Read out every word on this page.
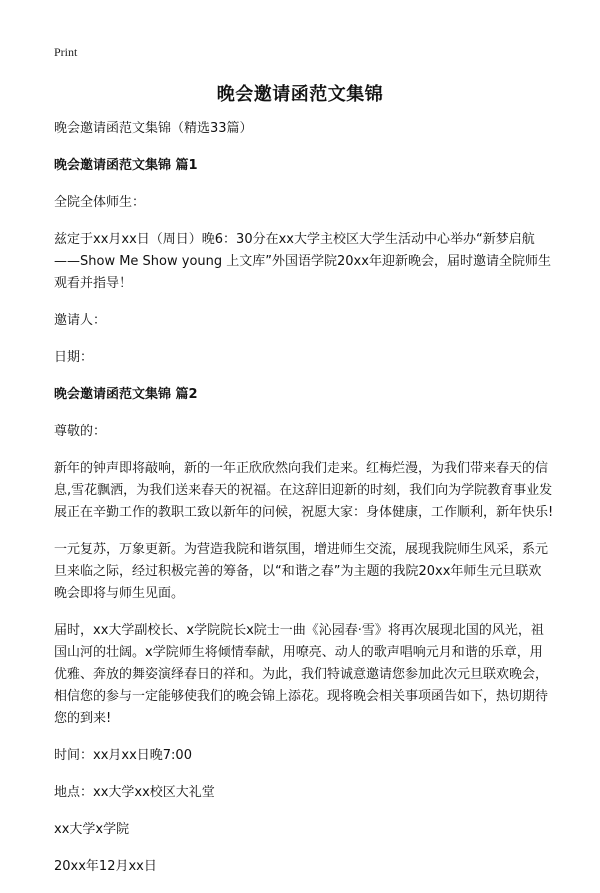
Print
晚会邀请函范文集锦

晚会邀请函范文集锦（精选33篇）

晚会邀请函范文集锦 篇1

全院全体师生：

兹定于xx月xx日（周日）晚6：30分在xx大学主校区大学生活动中心举办“新梦启航——Show Me Show young 上文库”外国语学院20xx年迎新晚会，届时邀请全院师生观看并指导！

邀请人：

日期：

晚会邀请函范文集锦 篇2

尊敬的：

新年的钟声即将敲响，新的一年正欣欣然向我们走来。红梅烂漫，为我们带来春天的信息,雪花飘洒，为我们送来春天的祝福。在这辞旧迎新的时刻，我们向为学院教育事业发展正在辛勤工作的教职工致以新年的问候，祝愿大家：身体健康，工作顺利，新年快乐!

一元复苏，万象更新。为营造我院和谐氛围，增进师生交流，展现我院师生风采，系元旦来临之际，经过积极完善的筹备，以“和谐之春”为主题的我院20xx年师生元旦联欢晚会即将与师生见面。

届时，xx大学副校长、x学院院长x院士一曲《沁园春·雪》将再次展现北国的风光，祖国山河的壮阔。x学院师生将倾情奉献，用嘹亮、动人的歌声唱响元月和谐的乐章，用优雅、奔放的舞姿演绎春日的祥和。为此，我们特诚意邀请您参加此次元旦联欢晚会，相信您的参与一定能够使我们的晚会锦上添花。现将晚会相关事项函告如下，热切期待您的到来!

时间：xx月xx日晚7:00

地点：xx大学xx校区大礼堂

xx大学x学院

20xx年12月xx日
